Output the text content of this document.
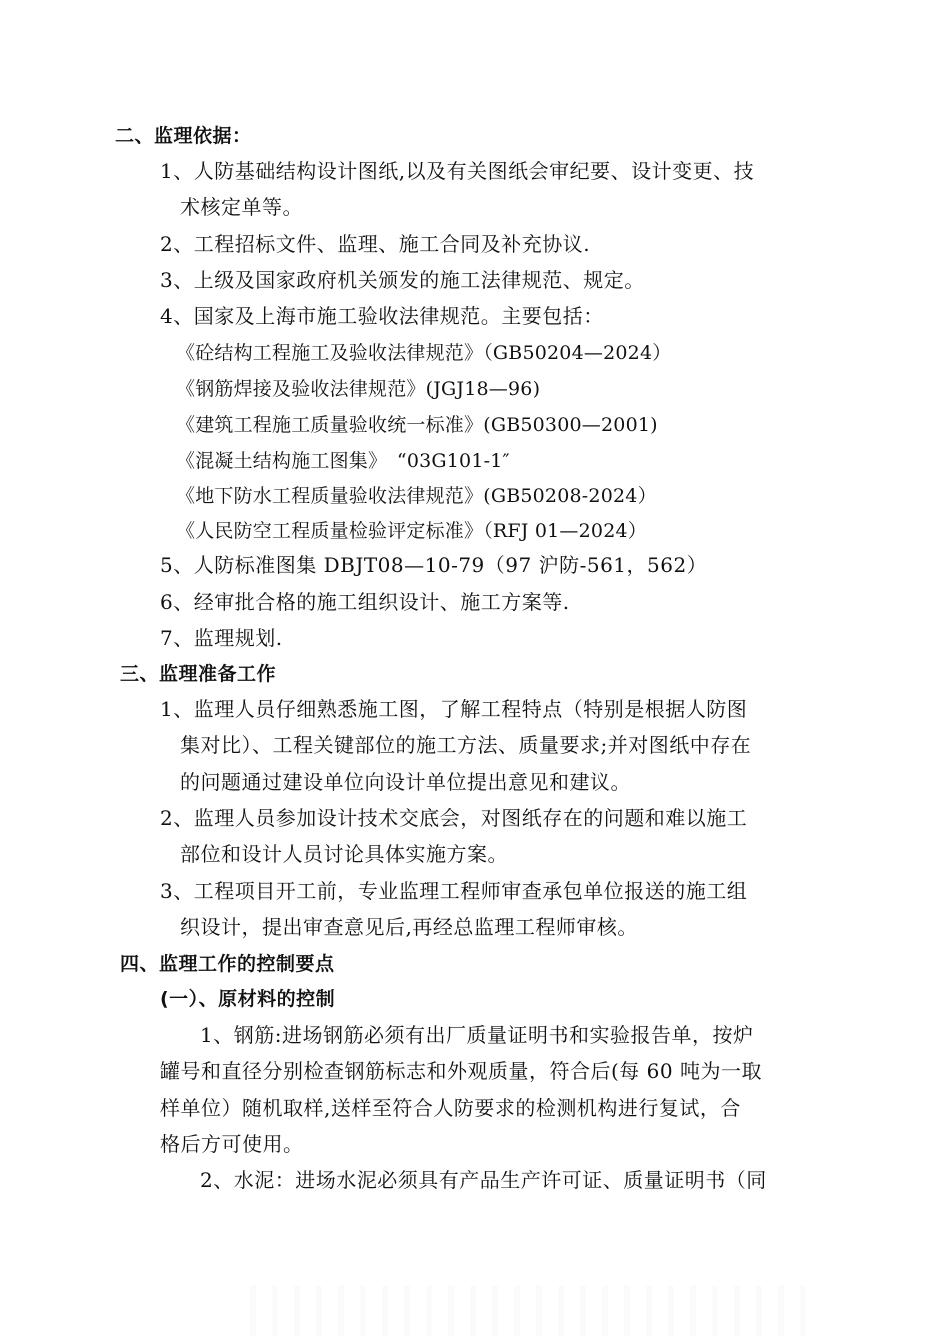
二、监理依据：
1、人防基础结构设计图纸,以及有关图纸会审纪要、设计变更、技
术核定单等。
2、工程招标文件、监理、施工合同及补充协议.
3、上级及国家政府机关颁发的施工法律规范、规定。
4、国家及上海市施工验收法律规范。主要包括：
《砼结构工程施工及验收法律规范》（GB50204—2024）
《钢筋焊接及验收法律规范》(JGJ18—96)
《建筑工程施工质量验收统一标准》(GB50300—2001)
《混凝土结构施工图集》　“03G101-1″
《地下防水工程质量验收法律规范》(GB50208-2024）
《人民防空工程质量检验评定标准》（RFJ 01—2024）
5、人防标准图集 DBJT08—10-79（97 沪防-561，562）
6、经审批合格的施工组织设计、施工方案等.
7、监理规划.
三、监理准备工作
1、监理人员仔细熟悉施工图，了解工程特点（特别是根据人防图
集对比）、工程关键部位的施工方法、质量要求;并对图纸中存在
的问题通过建设单位向设计单位提出意见和建议。
2、监理人员参加设计技术交底会，对图纸存在的问题和难以施工
部位和设计人员讨论具体实施方案。
3、工程项目开工前，专业监理工程师审查承包单位报送的施工组
织设计，提出审查意见后,再经总监理工程师审核。
四、监理工作的控制要点
(一）、原材料的控制
1、钢筋:进场钢筋必须有出厂质量证明书和实验报告单，按炉
罐号和直径分别检查钢筋标志和外观质量，符合后(每 60 吨为一取
样单位）随机取样,送样至符合人防要求的检测机构进行复试，合
格后方可使用。
2、水泥：进场水泥必须具有产品生产许可证、质量证明书（同
